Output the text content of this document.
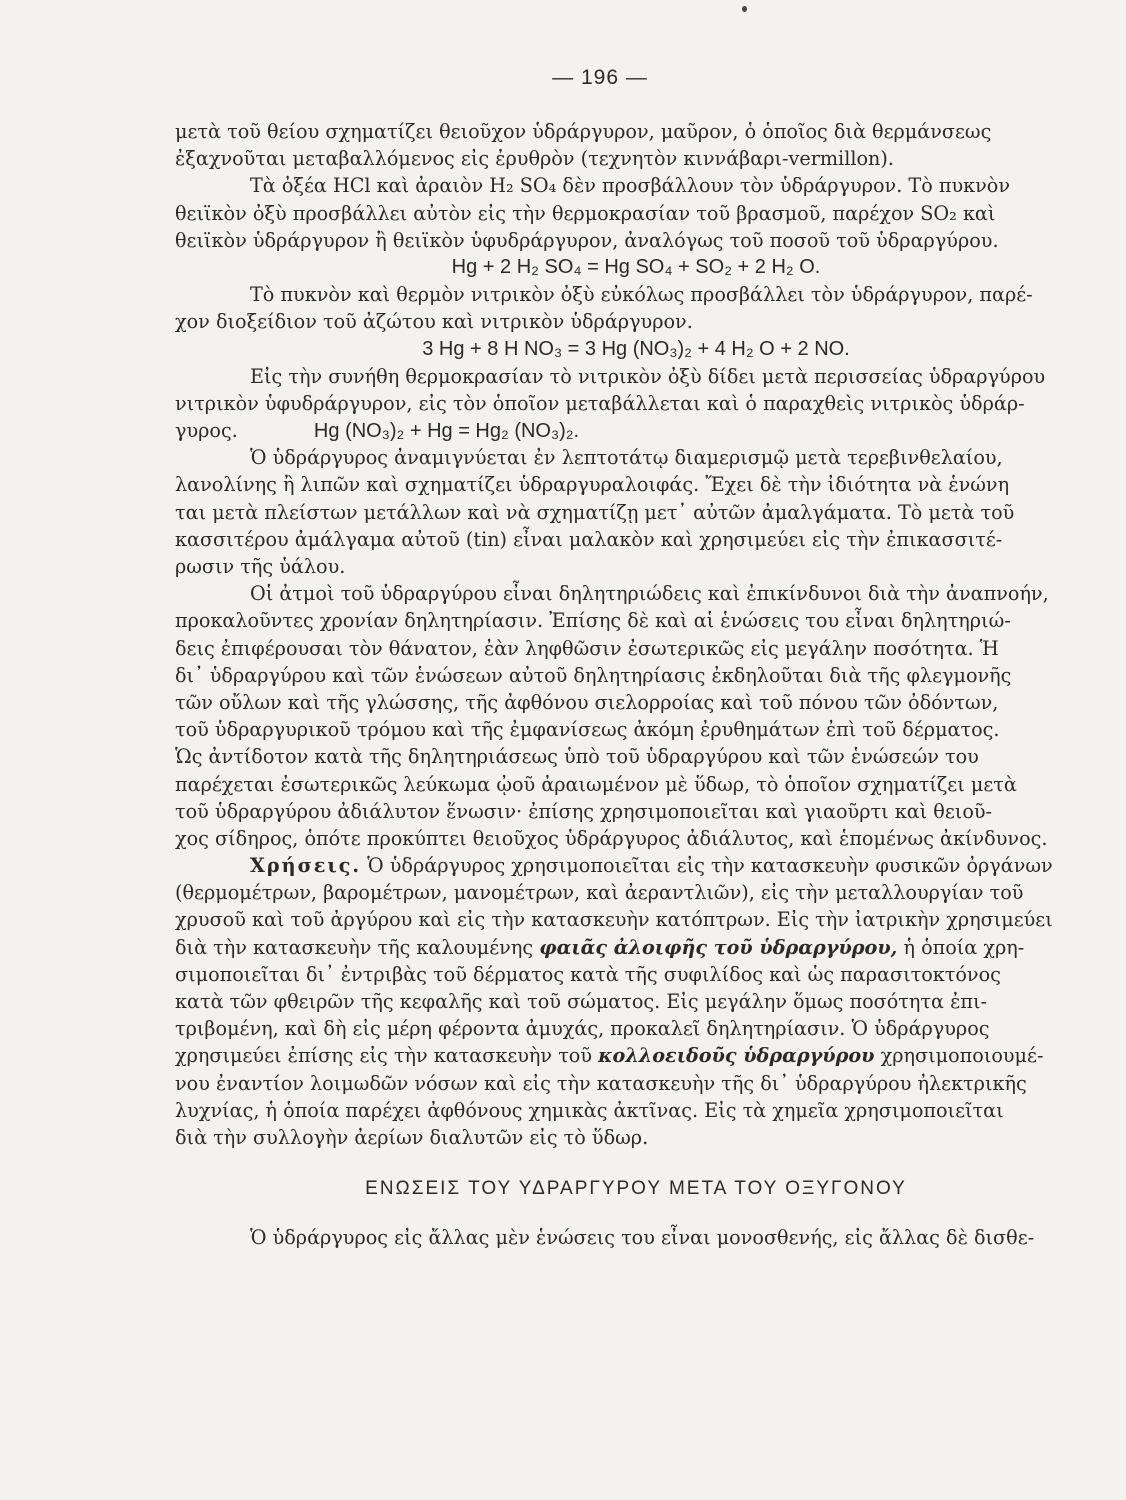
— 196 —
μετὰ τοῦ θείου σχηματίζει θειοῦχον ὑδράργυρον, μαῦρον, ὁ ὁποῖος διὰ θερμάνσεως
ἐξαχνοῦται μεταβαλλόμενος εἰς ἐρυθρὸν (τεχνητὸν κιννάβαρι-vermillon).
Τὰ ὀξέα HCl καὶ ἀραιὸν H₂ SO₄ δὲν προσβάλλουν τὸν ὑδράργυρον. Τὸ πυκνὸν
θειϊκὸν ὀξὺ προσβάλλει αὐτὸν εἰς τὴν θερμοκρασίαν τοῦ βρασμοῦ, παρέχον SO₂ καὶ
θειϊκὸν ὑδράργυρον ἢ θειϊκὸν ὑφυδράργυρον, ἀναλόγως τοῦ ποσοῦ τοῦ ὑδραργύρου.
Hg + 2 H₂ SO₄ = Hg SO₄ + SO₂ + 2 H₂ O.
Τὸ πυκνὸν καὶ θερμὸν νιτρικὸν ὀξὺ εὐκόλως προσβάλλει τὸν ὑδράργυρον, παρέ-
χον διοξείδιον τοῦ ἀζώτου καὶ νιτρικὸν ὑδράργυρον.
3 Hg + 8 H NO₃ = 3 Hg (NO₃)₂ + 4 H₂ O + 2 NO.
Εἰς τὴν συνήθη θερμοκρασίαν τὸ νιτρικὸν ὀξὺ δίδει μετὰ περισσείας ὑδραργύρου
νιτρικὸν ὑφυδράργυρον, εἰς τὸν ὁποῖον μεταβάλλεται καὶ ὁ παραχθεὶς νιτρικὸς ὑδράρ-
γυρος.	Hg (NO₃)₂ + Hg = Hg₂ (NO₃)₂.
Ὁ ὑδράργυρος ἀναμιγνύεται ἐν λεπτοτάτῳ διαμερισμῷ μετὰ τερεβινθελαίου,
λανολίνης ἢ λιπῶν καὶ σχηματίζει ὑδραργυραλοιφάς. Ἔχει δὲ τὴν ἰδιότητα νὰ ἑνώνη
ται μετὰ πλείστων μετάλλων καὶ νὰ σχηματίζῃ μετ᾽ αὐτῶν ἀμαλγάματα. Τὸ μετὰ τοῦ
κασσιτέρου ἀμάλγαμα αὐτοῦ (tin) εἶναι μαλακὸν καὶ χρησιμεύει εἰς τὴν ἐπικασσιτέ-
ρωσιν τῆς ὑάλου.
Οἱ ἀτμοὶ τοῦ ὑδραργύρου εἶναι δηλητηριώδεις καὶ ἐπικίνδυνοι διὰ τὴν ἀναπνοήν,
προκαλοῦντες χρονίαν δηλητηρίασιν. Ἐπίσης δὲ καὶ αἱ ἑνώσεις του εἶναι δηλητηριώ-
δεις ἐπιφέρουσαι τὸν θάνατον, ἐὰν ληφθῶσιν ἐσωτερικῶς εἰς μεγάλην ποσότητα. Ἡ
δι᾽ ὑδραργύρου καὶ τῶν ἑνώσεων αὐτοῦ δηλητηρίασις ἐκδηλοῦται διὰ τῆς φλεγμονῆς
τῶν οὔλων καὶ τῆς γλώσσης, τῆς ἀφθόνου σιελορροίας καὶ τοῦ πόνου τῶν ὀδόντων,
τοῦ ὑδραργυρικοῦ τρόμου καὶ τῆς ἐμφανίσεως ἀκόμη ἐρυθημάτων ἐπὶ τοῦ δέρματος.
Ὡς ἀντίδοτον κατὰ τῆς δηλητηριάσεως ὑπὸ τοῦ ὑδραργύρου καὶ τῶν ἑνώσεών του
παρέχεται ἐσωτερικῶς λεύκωμα ᾠοῦ ἀραιωμένον μὲ ὕδωρ, τὸ ὁποῖον σχηματίζει μετὰ
τοῦ ὑδραργύρου ἀδιάλυτον ἕνωσιν· ἐπίσης χρησιμοποιεῖται καὶ γιαοῦρτι καὶ θειοῦ-
χος σίδηρος, ὁπότε προκύπτει θειοῦχος ὑδράργυρος ἀδιάλυτος, καὶ ἑπομένως ἀκίνδυνος.
Χρήσεις. Ὁ ὑδράργυρος χρησιμοποιεῖται εἰς τὴν κατασκευὴν φυσικῶν ὀργάνων
(θερμομέτρων, βαρομέτρων, μανομέτρων, καὶ ἀεραντλιῶν), εἰς τὴν μεταλλουργίαν τοῦ
χρυσοῦ καὶ τοῦ ἀργύρου καὶ εἰς τὴν κατασκευὴν κατόπτρων. Εἰς τὴν ἰατρικὴν χρησιμεύει
διὰ τὴν κατασκευὴν τῆς καλουμένης φαιᾶς ἀλοιφῆς τοῦ ὑδραργύρου, ἡ ὁποία χρη-
σιμοποιεῖται δι᾽ ἐντριβὰς τοῦ δέρματος κατὰ τῆς συφιλίδος καὶ ὡς παρασιτοκτόνος
κατὰ τῶν φθειρῶν τῆς κεφαλῆς καὶ τοῦ σώματος. Εἰς μεγάλην ὅμως ποσότητα ἐπι-
τριβομένη, καὶ δὴ εἰς μέρη φέροντα ἀμυχάς, προκαλεῖ δηλητηρίασιν. Ὁ ὑδράργυρος
χρησιμεύει ἐπίσης εἰς τὴν κατασκευὴν τοῦ κολλοειδοῦς ὑδραργύρου χρησιμοποιουμέ-
νου ἐναντίον λοιμωδῶν νόσων καὶ εἰς τὴν κατασκευὴν τῆς δι᾽ ὑδραργύρου ἠλεκτρικῆς
λυχνίας, ἡ ὁποία παρέχει ἀφθόνους χημικὰς ἀκτῖνας. Εἰς τὰ χημεῖα χρησιμοποιεῖται
διὰ τὴν συλλογὴν ἀερίων διαλυτῶν εἰς τὸ ὕδωρ.
ΕΝΩΣΕΙΣ ΤΟΥ ΥΔΡΑΡΓΥΡΟΥ ΜΕΤΑ ΤΟΥ ΟΞΥΓΟΝΟΥ
Ὁ ὑδράργυρος εἰς ἄλλας μὲν ἑνώσεις του εἶναι μονοσθενής, εἰς ἄλλας δὲ δισθε-
